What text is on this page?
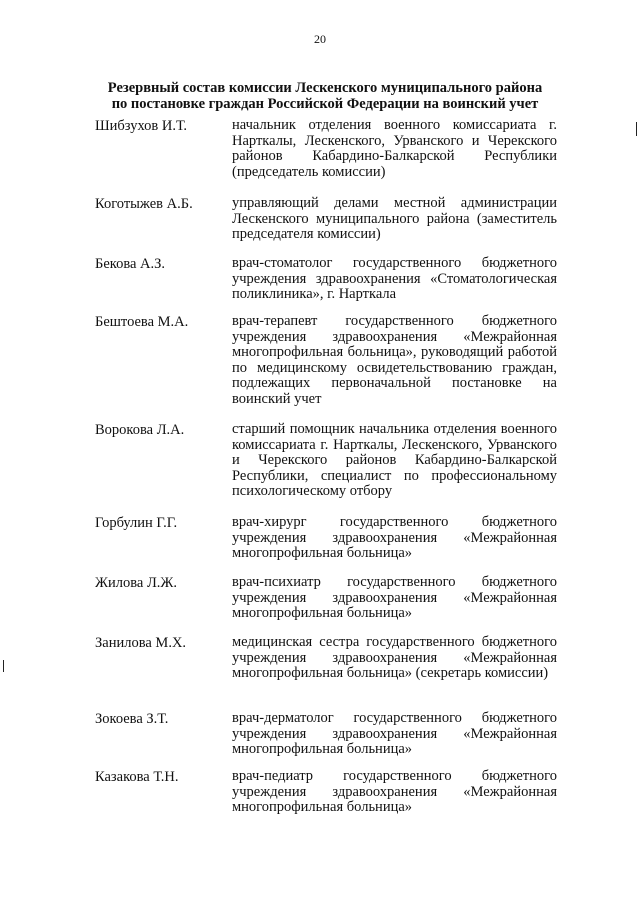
20
Резервный состав комиссии Лескенского муниципального района
по постановке граждан Российской Федерации на воинский учет
Шибзухов И.Т.	начальник отделения военного комиссариата г. Нарткалы, Лескенского, Урванского и Черекского районов Кабардино-Балкарской Республики (председатель комиссии)
Коготыжев А.Б.	управляющий делами местной администрации Лескенского муниципального района (заместитель председателя комиссии)
Бекова А.З.	врач-стоматолог государственного бюджетного учреждения здравоохранения «Стоматологическая поликлиника», г. Нарткала
Бештоева М.А.	врач-терапевт государственного бюджетного учреждения здравоохранения «Межрайонная многопрофильная больница», руководящий работой по медицинскому освидетельствованию граждан, подлежащих первоначальной постановке на воинский учет
Ворокова Л.А.	старший помощник начальника отделения военного комиссариата г. Нарткалы, Лескенского, Урванского и Черекского районов Кабардино-Балкарской Республики, специалист по профессиональному психологическому отбору
Горбулин Г.Г.	врач-хирург государственного бюджетного учреждения здравоохранения «Межрайонная многопрофильная больница»
Жилова Л.Ж.	врач-психиатр государственного бюджетного учреждения здравоохранения «Межрайонная многопрофильная больница»
Занилова М.Х.	медицинская сестра государственного бюджетного учреждения здравоохранения «Межрайонная многопрофильная больница» (секретарь комиссии)
Зокоева З.Т.	врач-дерматолог государственного бюджетного учреждения здравоохранения «Межрайонная многопрофильная больница»
Казакова Т.Н.	врач-педиатр государственного бюджетного учреждения здравоохранения «Межрайонная многопрофильная больница»
